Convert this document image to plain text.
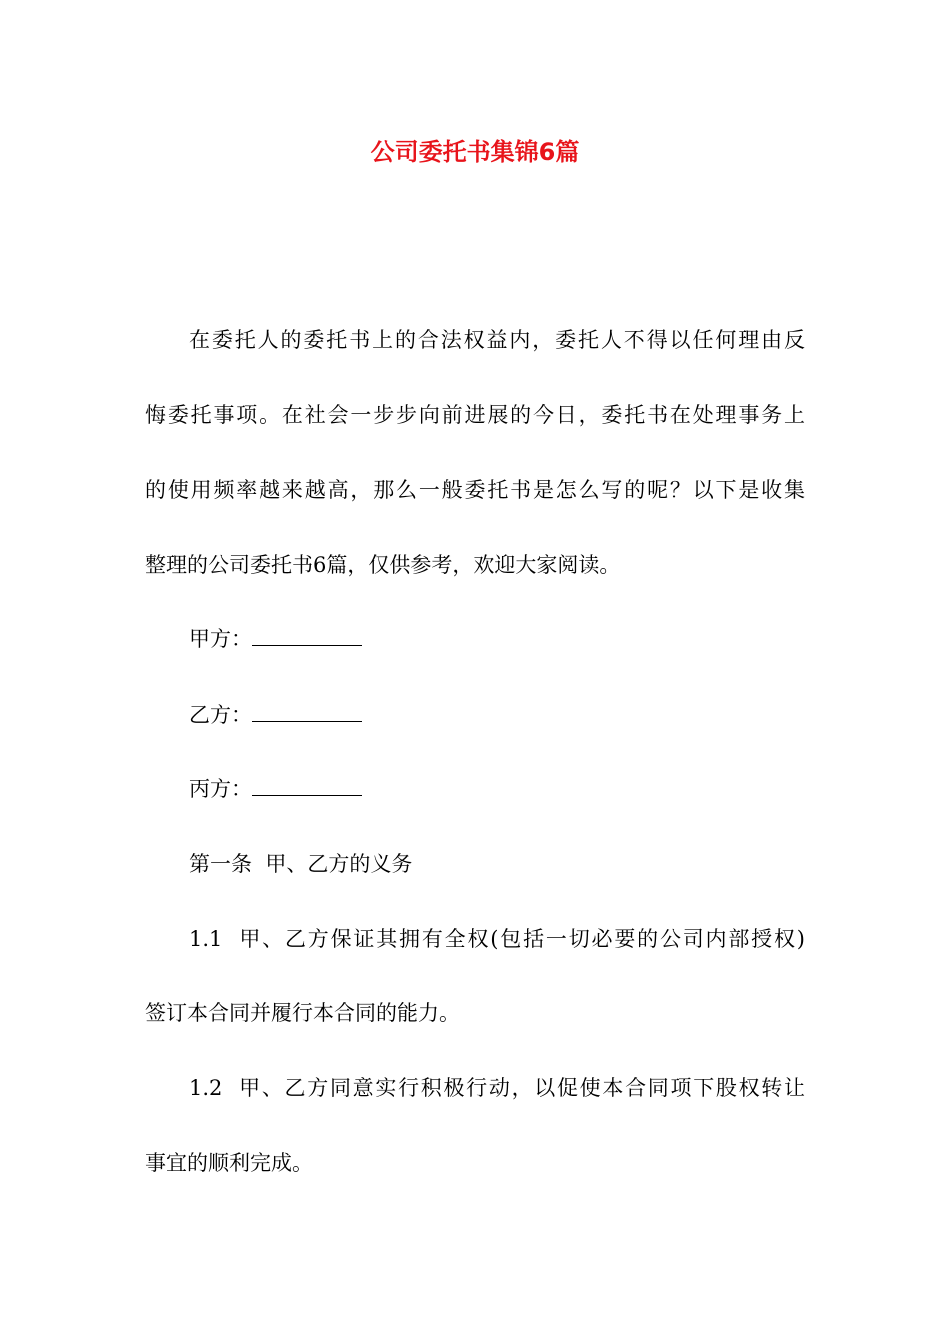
公司委托书集锦6篇
在委托人的委托书上的合法权益内，委托人不得以任何理由反
悔委托事项。在社会一步步向前进展的今日，委托书在处理事务上
的使用频率越来越高，那么一般委托书是怎么写的呢？以下是收集
整理的公司委托书6篇，仅供参考，欢迎大家阅读。
甲方：
乙方：
丙方：
第一条  甲、乙方的义务
1.1  甲、乙方保证其拥有全权(包括一切必要的公司内部授权)
签订本合同并履行本合同的能力。
1.2  甲、乙方同意实行积极行动，以促使本合同项下股权转让
事宜的顺利完成。
